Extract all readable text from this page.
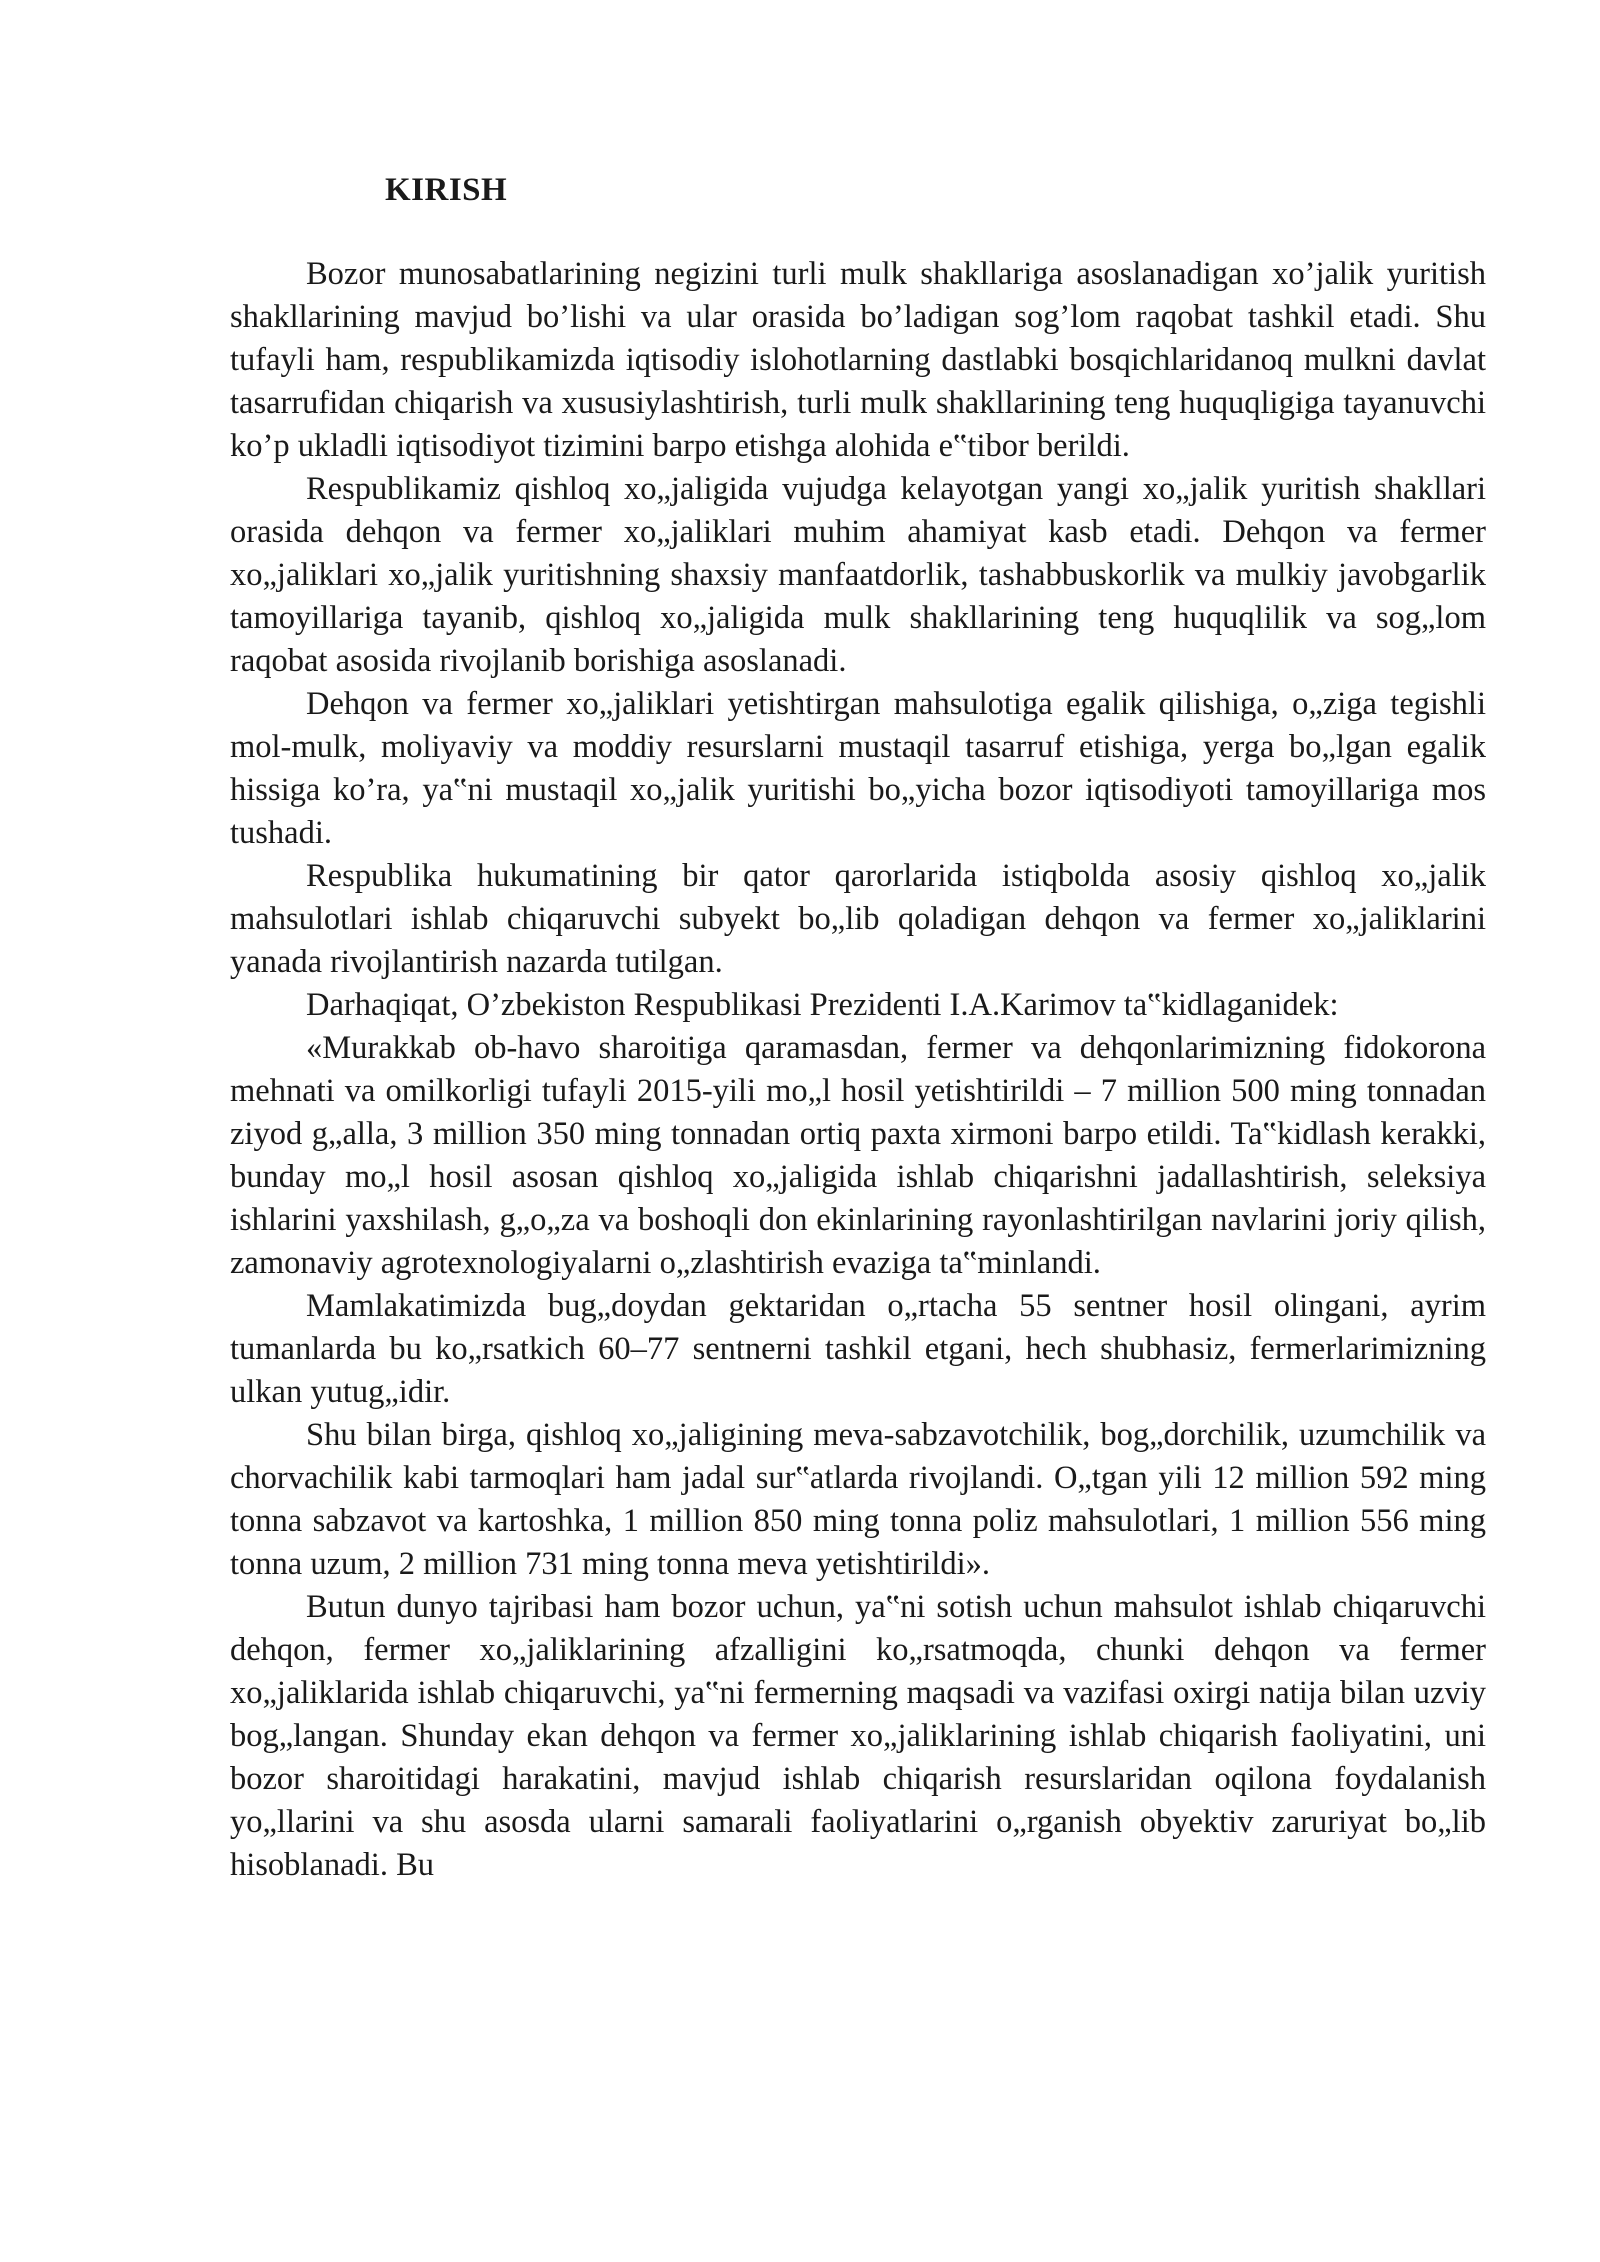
KIRISH

Bozor munosabatlarining negizini turli mulk shakllariga asoslanadigan xo’jalik yuritish shakllarining mavjud bo’lishi va ular orasida bo’ladigan sog’lom raqobat tashkil etadi. Shu tufayli ham, respublikamizda iqtisodiy islohotlarning dastlabki bosqichlaridanoq mulkni davlat tasarrufidan chiqarish va xususiylashtirish, turli mulk shakllarining teng huquqligiga tayanuvchi ko’p ukladli iqtisodiyot tizimini barpo etishga alohida e‟tibor berildi.

Respublikamiz qishloq xo„jaligida vujudga kelayotgan yangi xo„jalik yuritish shakllari orasida dehqon va fermer xo„jaliklari muhim ahamiyat kasb etadi. Dehqon va fermer xo„jaliklari xo„jalik yuritishning shaxsiy manfaatdorlik, tashabbuskorlik va mulkiy javobgarlik tamoyillariga tayanib, qishloq xo„jaligida mulk shakllarining teng huquqlilik va sog„lom raqobat asosida rivojlanib borishiga asoslanadi.

Dehqon va fermer xo„jaliklari yetishtirgan mahsulotiga egalik qilishiga, o„ziga tegishli mol-mulk, moliyaviy va moddiy resurslarni mustaqil tasarruf etishiga, yerga bo„lgan egalik hissiga ko’ra, ya‟ni mustaqil xo„jalik yuritishi bo„yicha bozor iqtisodiyoti tamoyillariga mos tushadi.

Respublika hukumatining bir qator qarorlarida istiqbolda asosiy qishloq xo„jalik mahsulotlari ishlab chiqaruvchi subyekt bo„lib qoladigan dehqon va fermer xo„jaliklarini yanada rivojlantirish nazarda tutilgan.

Darhaqiqat, O’zbekiston Respublikasi Prezidenti I.A.Karimov ta‟kidlaganidek:

«Murakkab ob-havo sharoitiga qaramasdan, fermer va dehqonlarimizning fidokorona mehnati va omilkorligi tufayli 2015-yili mo„l hosil yetishtirildi – 7 million 500 ming tonnadan ziyod g„alla, 3 million 350 ming tonnadan ortiq paxta xirmoni barpo etildi. Ta‟kidlash kerakki, bunday mo„l hosil asosan qishloq xo„jaligida ishlab chiqarishni jadallashtirish, seleksiya ishlarini yaxshilash, g„o„za va boshoqli don ekinlarining rayonlashtirilgan navlarini joriy qilish, zamonaviy agrotexnologiyalarni o„zlashtirish evaziga ta‟minlandi.

Mamlakatimizda bug„doydan gektaridan o„rtacha 55 sentner hosil olingani, ayrim tumanlarda bu ko„rsatkich 60–77 sentnerni tashkil etgani, hech shubhasiz, fermerlarimizning ulkan yutug„idir.

Shu bilan birga, qishloq xo„jaligining meva-sabzavotchilik, bog„dorchilik, uzumchilik va chorvachilik kabi tarmoqlari ham jadal sur‟atlarda rivojlandi. O„tgan yili 12 million 592 ming tonna sabzavot va kartoshka, 1 million 850 ming tonna poliz mahsulotlari, 1 million 556 ming tonna uzum, 2 million 731 ming tonna meva yetishtirildi».

Butun dunyo tajribasi ham bozor uchun, ya‟ni sotish uchun mahsulot ishlab chiqaruvchi dehqon, fermer xo„jaliklarining afzalligini ko„rsatmoqda, chunki dehqon va fermer xo„jaliklarida ishlab chiqaruvchi, ya‟ni fermerning maqsadi va vazifasi oxirgi natija bilan uzviy bog„langan. Shunday ekan dehqon va fermer xo„jaliklarining ishlab chiqarish faoliyatini, uni bozor sharoitidagi harakatini, mavjud ishlab chiqarish resurslaridan oqilona foydalanish yo„llarini va shu asosda ularni samarali faoliyatlarini o„rganish obyektiv zaruriyat bo„lib hisoblanadi. Bu
